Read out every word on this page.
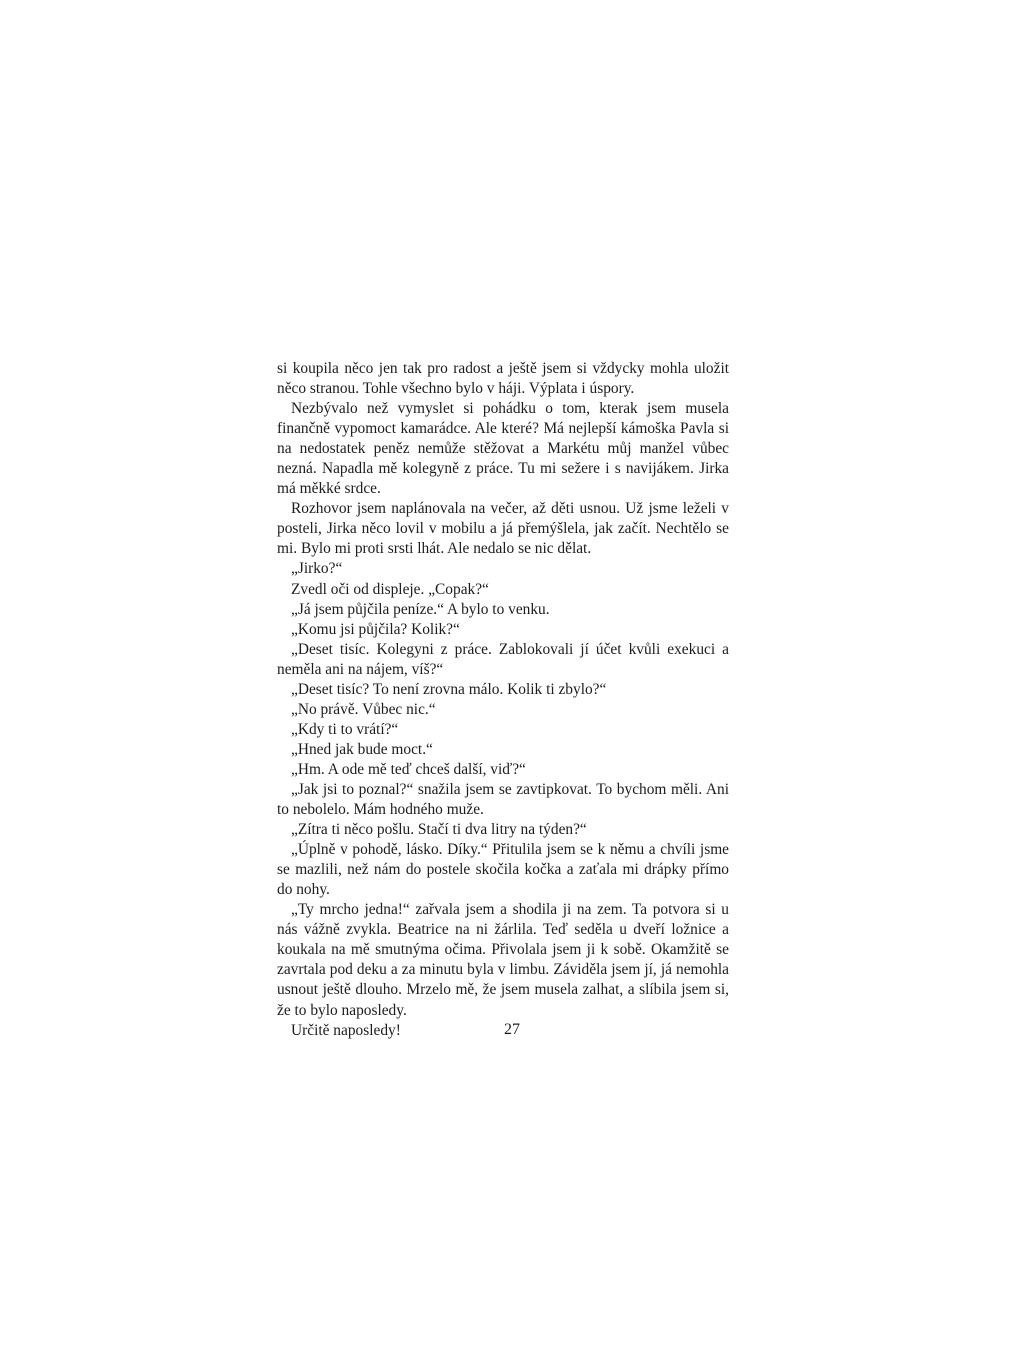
si koupila něco jen tak pro radost a ještě jsem si vždycky mohla uložit něco stranou. Tohle všechno bylo v háji. Výplata i úspory.

Nezbývalo než vymyslet si pohádku o tom, kterak jsem musela finančně vypomoct kamarádce. Ale které? Má nejlepší kámoška Pavla si na nedostatek peněz nemůže stěžovat a Markétu můj manžel vůbec nezná. Napadla mě kolegyně z práce. Tu mi sežere i s navijákem. Jirka má měkké srdce.

Rozhovor jsem naplánovala na večer, až děti usnou. Už jsme leželi v posteli, Jirka něco lovil v mobilu a já přemýšlela, jak začít. Nechtělo se mi. Bylo mi proti srsti lhát. Ale nedalo se nic dělat.

„Jirko?“

Zvedl oči od displeje. „Copak?“

„Já jsem půjčila peníze.“ A bylo to venku.

„Komu jsi půjčila? Kolik?“

„Deset tisíc. Kolegyni z práce. Zablokovali jí účet kvůli exekuci a neměla ani na nájem, víš?“

„Deset tisíc? To není zrovna málo. Kolik ti zbylo?“

„No právě. Vůbec nic.“

„Kdy ti to vrátí?“

„Hned jak bude moct.“

„Hm. A ode mě teď chceš další, viď?“

„Jak jsi to poznal?“ snažila jsem se zavtipkovat. To bychom měli. Ani to nebolelo. Mám hodného muže.

„Zítra ti něco pošlu. Stačí ti dva litry na týden?“

„Úplně v pohodě, lásko. Díky.“ Přitulila jsem se k němu a chvíli jsme se mazlili, než nám do postele skočila kočka a zaťala mi drápky přímo do nohy.

„Ty mrcho jedna!“ zařvala jsem a shodila ji na zem. Ta potvora si u nás vážně zvykla. Beatrice na ni žárlila. Teď seděla u dveří ložnice a koukala na mě smutnýma očima. Přivolala jsem ji k sobě. Okamžitě se zavrtala pod deku a za minutu byla v limbu. Záviděla jsem jí, já nemohla usnout ještě dlouho. Mrzelo mě, že jsem musela zalhat, a slíbila jsem si, že to bylo naposledy.

Určitě naposledy!	27
